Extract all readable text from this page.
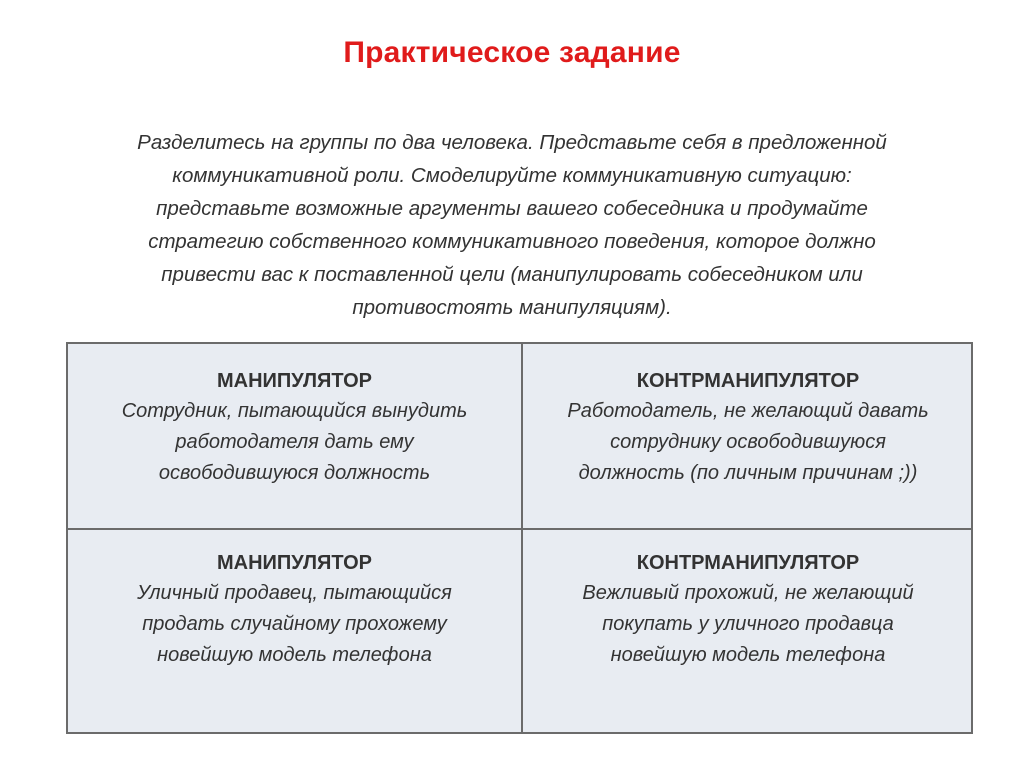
Практическое задание
Разделитесь на группы по два человека. Представьте себя в предложенной
коммуникативной роли. Смоделируйте коммуникативную ситуацию:
представьте возможные аргументы вашего собеседника и продумайте
стратегию собственного коммуникативного поведения, которое должно
привести вас к поставленной цели (манипулировать собеседником или
противостоять манипуляциям).
МАНИПУЛЯТОР
Сотрудник, пытающийся вынудить
работодателя дать ему
освободившуюся должность
КОНТРМАНИПУЛЯТОР
Работодатель, не желающий давать
сотруднику освободившуюся
должность (по личным причинам ;))
МАНИПУЛЯТОР
Уличный продавец, пытающийся
продать случайному прохожему
новейшую модель телефона
КОНТРМАНИПУЛЯТОР
Вежливый прохожий, не желающий
покупать у уличного продавца
новейшую модель телефона
